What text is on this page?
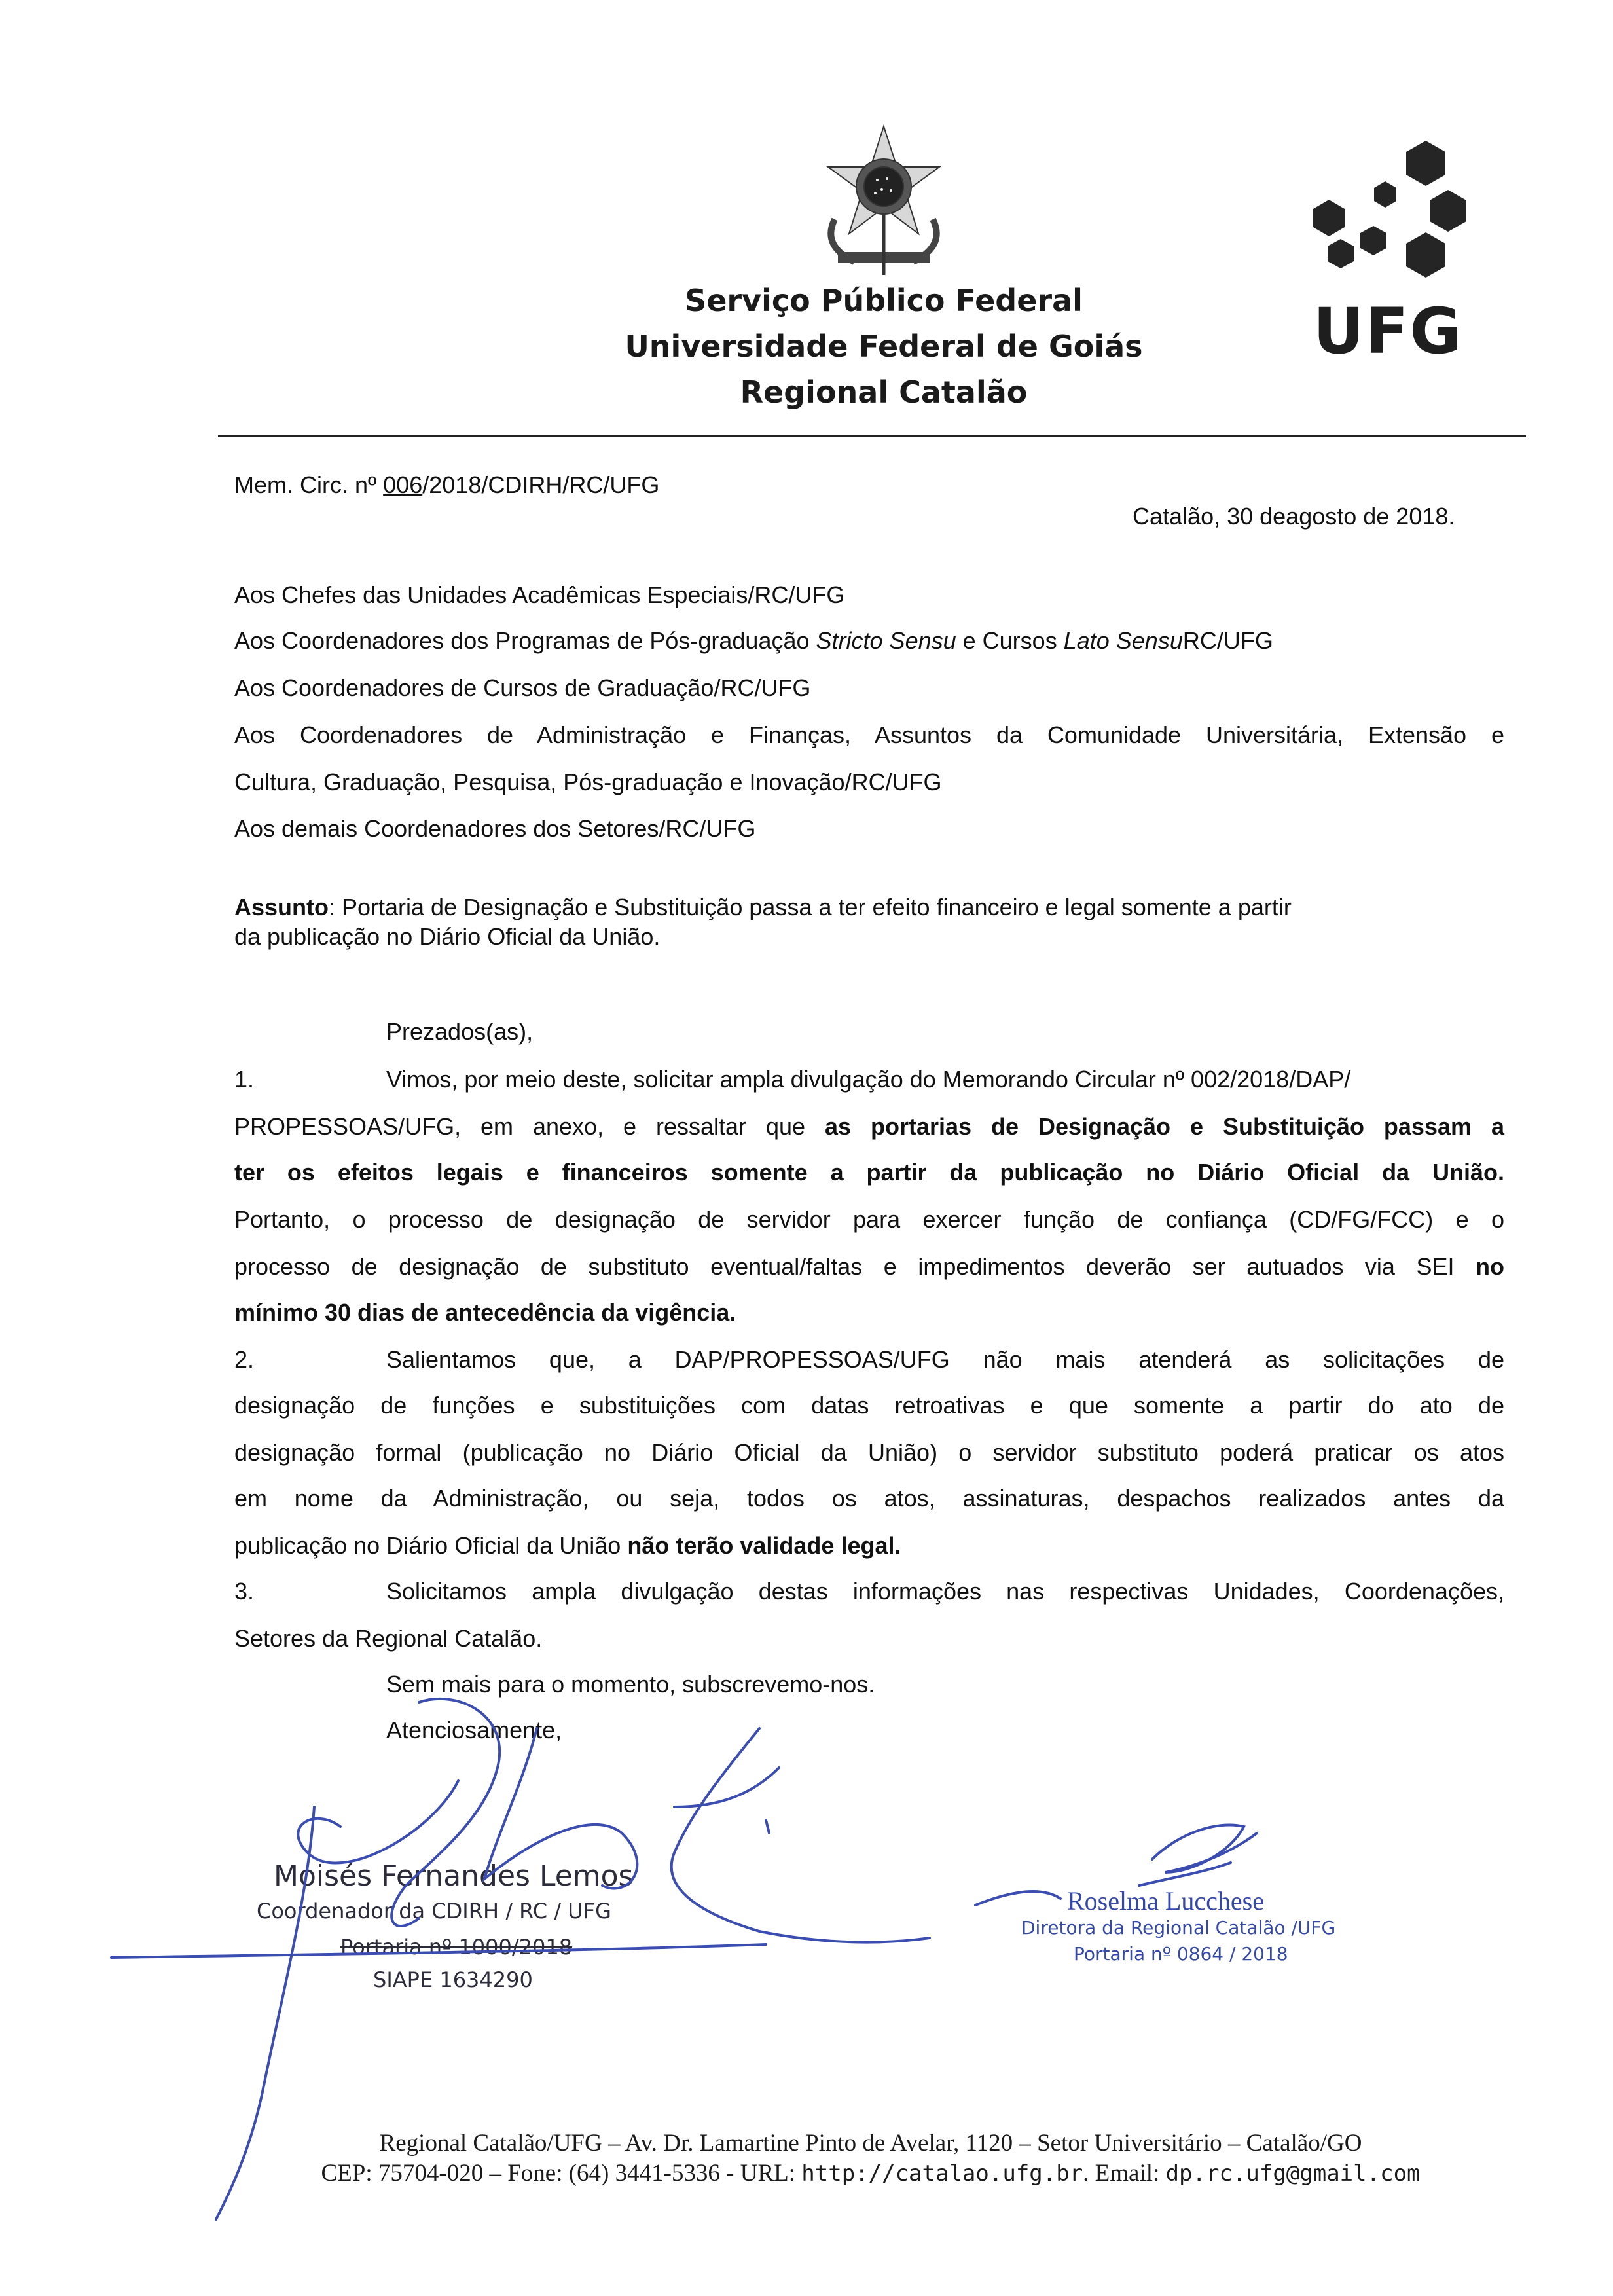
Serviço Público Federal
Universidade Federal de Goiás
Regional Catalão
UFG
Mem. Circ. nº 006/2018/CDIRH/RC/UFG
Catalão, 30 deagosto de 2018.
Aos Chefes das Unidades Acadêmicas Especiais/RC/UFG
Aos Coordenadores dos Programas de Pós-graduação Stricto Sensu e Cursos Lato SensuRC/UFG
Aos Coordenadores de Cursos de Graduação/RC/UFG
Aos Coordenadores de Administração e Finanças, Assuntos da Comunidade Universitária, Extensão e
Cultura, Graduação, Pesquisa, Pós-graduação e Inovação/RC/UFG
Aos demais Coordenadores dos Setores/RC/UFG
Assunto: Portaria de Designação e Substituição passa a ter efeito financeiro e legal somente a partir
da publicação no Diário Oficial da União.
Prezados(as),
1.	Vimos, por meio deste, solicitar ampla divulgação do Memorando Circular nº 002/2018/DAP/
PROPESSOAS/UFG, em anexo, e ressaltar que as portarias de Designação e Substituição passam a
ter os efeitos legais e financeiros somente a partir da publicação no Diário Oficial da União.
Portanto, o processo de designação de servidor para exercer função de confiança (CD/FG/FCC) e o
processo de designação de substituto eventual/faltas e impedimentos deverão ser autuados via SEI no
mínimo 30 dias de antecedência da vigência.
2.	Salientamos que, a DAP/PROPESSOAS/UFG não mais atenderá as solicitações de
designação de funções e substituições com datas retroativas e que somente a partir do ato de
designação formal (publicação no Diário Oficial da União) o servidor substituto poderá praticar os atos
em nome da Administração, ou seja, todos os atos, assinaturas, despachos realizados antes da
publicação no Diário Oficial da União não terão validade legal.
3.	Solicitamos ampla divulgação destas informações nas respectivas Unidades, Coordenações,
Setores da Regional Catalão.
Sem mais para o momento, subscrevemo-nos.
Atenciosamente,
Moisés Fernandes Lemos
Coordenador da CDIRH / RC / UFG
Portaria nº 1000/2018
SIAPE 1634290
Roselma Lucchese
Diretora da Regional Catalão /UFG
Portaria nº 0864 / 2018
Regional Catalão/UFG – Av. Dr. Lamartine Pinto de Avelar, 1120 – Setor Universitário – Catalão/GO
CEP: 75704-020 – Fone: (64) 3441-5336 - URL: http://catalao.ufg.br. Email: dp.rc.ufg@gmail.com
